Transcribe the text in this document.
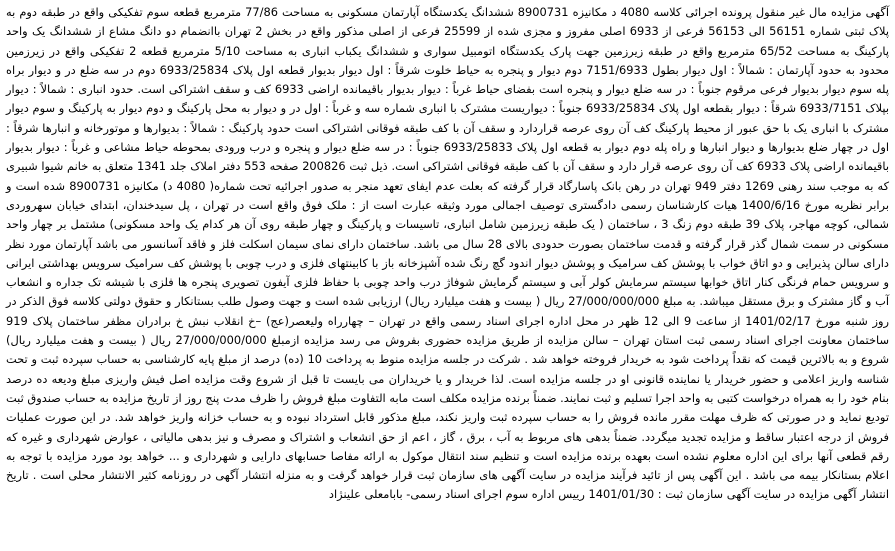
آگهی مزایده مال غیر منقول پرونده اجرائی کلاسه 4080 د مکانیزه 8900731 ششدانگ یکدستگاه آپارتمان مسکونی به مساحت 77/86 مترمربع قطعه سوم تفکیکی واقع در طبقه دوم به پلاک ثبتی شماره 56151 الی 56153 فرعی از 6933 اصلی مفروز و مجزی شده از 25599 فرعی از اصلی مذکور واقع در بخش 2 تهران باانضمام دو دانگ مشاع از ششدانگ یک واحد پارکینگ به مساحت 65/52 مترمربع واقع در طبقه زیرزمین جهت پارک یکدستگاه اتومبیل سواری و ششدانگ یکباب انباری به مساحت 5/10 مترمربع قطعه 2 تفکیکی واقع در زیرزمین محدود به حدود آپارتمان : شمالاً : اول دیوار بطول 7151/6933 دوم دیوار و پنجره به حیاط خلوت شرقاً : اول دیوار بدیوار قطعه اول پلاک 6933/25834 دوم در سه ضلع در و دیوار براه پله سوم دیوار بدیوار فرعی مرقوم جنوباً : در سه ضلع دیوار و پنجره است بفضای حیاط غرباً : دیوار بدیوار باقیمانده اراضی 6933 کف و سقف اشتراکی است. حدود انباری : شمالاً : دیوار بپلاک 6933/7151 شرقاً : دیوار بقطعه اول پلاک 6933/25834 جنوباً : دیواریست مشترک با انباری شماره سه و غرباً : اول در و دیوار به محل پارکینگ و دوم دیوار به پارکینگ و سوم دیوار مشترک با انباری یک با حق عبور از محیط پارکینگ کف آن روی عرصه قراردارد و سقف آن با کف طبقه فوقانی اشتراکی است حدود پارکینگ : شمالاً : بدیوارها و موتورخانه و انبارها شرقاً : اول در چهار ضلع بدیوارها و دیوار انبارها و راه پله دوم دیوار به قطعه اول پلاک 6933/25833 جنوباً : در سه ضلع دیوار و پنجره و درب ورودی بمحوطه حیاط مشاعی و غرباً : دیوار بدیوار باقیمانده اراضی پلاک 6933 کف آن روی عرصه قرار دارد و سقف آن با کف طبقه فوقانی اشتراکی است. ذیل ثبت 200826 صفحه 553 دفتر املاک جلد 1341 متعلق به خانم شیوا شبیری که به موجب سند رهنی 1269 دفتر 949 تهران در رهن بانک پاسارگاد قرار گرفته که بعلت عدم ایفای تعهد منجر به صدور اجرائیه تحت شماره( 4080 د) مکانیزه 8900731 شده است و برابر نظریه مورخ 1400/6/16 هیات کارشناسان رسمی دادگستری توصیف اجمالی مورد وثیقه عبارت است از : ملک فوق واقع است در تهران ، پل سیدخندان، ابتدای خیابان سهروردی شمالی، کوچه مهاجر، پلاک 39 طبقه دوم زنگ 3 ، ساختمان ( یک طبقه زیرزمین شامل انباری، تاسیسات و پارکینگ و چهار طبقه روی آن هر کدام یک واحد مسکونی) مشتمل بر چهار واحد مسکونی در سمت شمال گذر قرار گرفته و قدمت ساختمان بصورت حدودی بالای 28 سال می باشد. ساختمان دارای نمای سیمان اسکلت فلز و فاقد آسانسور می باشد آپارتمان مورد نظر دارای سالن پذیرایی و دو اتاق خواب با پوشش کف سرامیک و پوشش دیوار اندود گچ رنگ شده آشپزخانه باز با کابینتهای فلزی و درب چوبی با پوشش کف سرامیک سرویس بهداشتی ایرانی و سرویس حمام فرنگی کنار اتاق خوابها سیستم سرمایش کولر آبی و سیستم گرمایش شوفاژ درب واحد چوبی با حفاظ فلزی آیفون تصویری پنجره ها فلزی با شیشه تک جداره و انشعاب آب و گاز مشترک و برق مستقل میباشد. به مبلغ 27/000/000/000 ریال ( بیست و هفت میلیارد ریال) ارزیابی شده است و جهت وصول طلب بستانکار و حقوق دولتی کلاسه فوق الذکر در روز شنبه مورخ 1401/02/17 از ساعت 9 الی 12 ظهر در محل اداره اجرای اسناد رسمی واقع در تهران – چهارراه ولیعصر(عج) –خ انقلاب نبش خ برادران مظفر ساختمان پلاک 919 ساختمان معاونت اجرای اسناد رسمی ثبت استان تهران – سالن مزایده از طریق مزایده حضوری بفروش می رسد مزایده ازمبلغ 27/000/000/000 ریال ( بیست و هفت میلیارد ریال) شروع و به بالاترین قیمت که نقداً پرداخت شود به خریدار فروخته خواهد شد . شرکت در جلسه مزایده منوط به پرداخت 10 (ده) درصد از مبلغ پایه کارشناسی به حساب سپرده ثبت و تحت شناسه واریز اعلامی و حضور خریدار یا نماینده قانونی او در جلسه مزایده است. لذا خریدار و یا خریداران می بایست تا قبل از شروع وقت مزایده اصل فیش واریزی مبلغ ودیعه ده درصد بنام خود را به همراه درخواست کتبی به واحد اجرا تسلیم و ثبت نمایند. ضمناً برنده مزایده مکلف است مابه التفاوت مبلغ فروش را ظرف مدت پنج روز از تاریخ مزایده به حساب صندوق ثبت تودیع نماید و در صورتی که ظرف مهلت مقرر مانده فروش را به حساب سپرده ثبت واریز نکند، مبلغ مذکور قابل استرداد نبوده و به حساب خزانه واریز خواهد شد. در این صورت عملیات فروش از درجه اعتبار ساقط و مزایده تجدید میگردد. ضمناً بدهی های مربوط به آب ، برق ، گاز ، اعم از حق انشعاب و اشتراک و مصرف و نیز بدهی مالیاتی ، عوارض شهرداری و غیره که رقم قطعی آنها برای این اداره معلوم نشده است بعهده برنده مزایده است و تنظیم سند انتقال موکول به ارائه مفاصا حسابهای دارایی و شهرداری و ... خواهد بود مورد مزایده با توجه به اعلام بستانکار بیمه می باشد . این آگهی پس از تائید فرآیند مزایده در سایت آگهی های سازمان ثبت قرار خواهد گرفت و به منزله انتشار آگهی در روزنامه کثیر الانتشار محلی است . تاریخ انتشار آگهی مزایده در سایت آگهی سازمان ثبت : 1401/01/30 رییس اداره سوم اجرای اسناد رسمی- بابامعلی علینژاد
